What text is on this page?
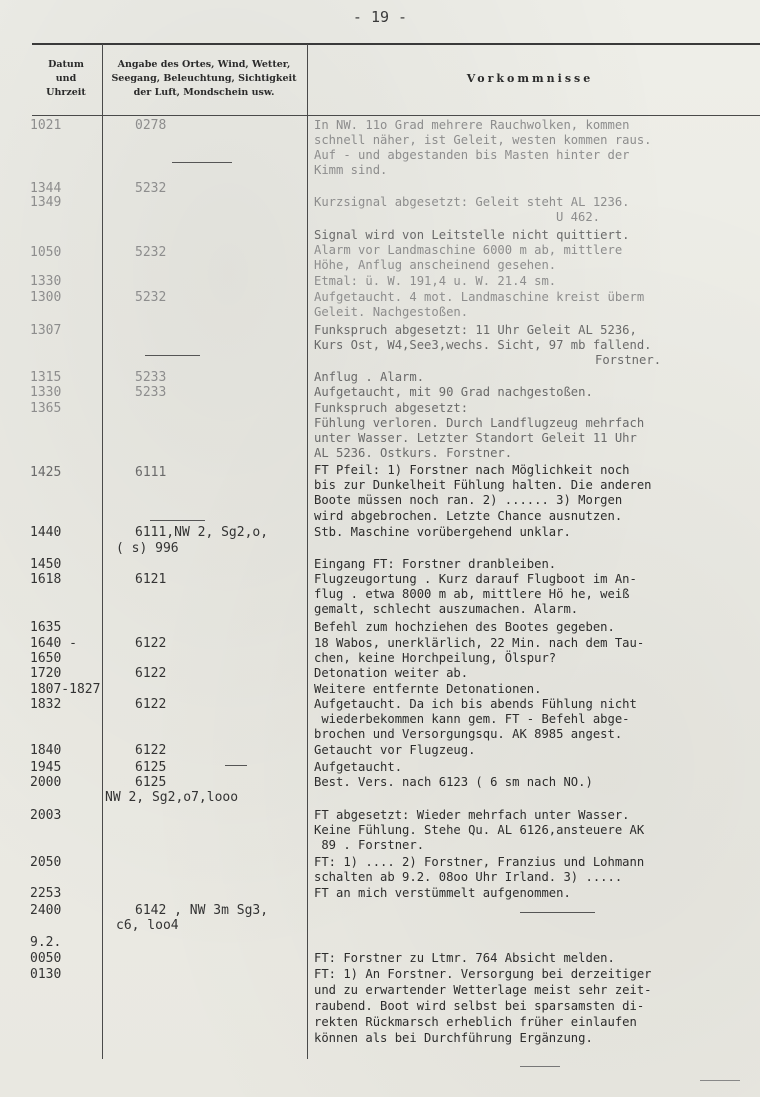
- 19 -
Datum
und
Uhrzeit
Angabe des Ortes, Wind, Wetter,
Seegang, Beleuchtung, Sichtigkeit
der Luft, Mondschein usw.
Vorkommnisse
1021
1344
1349
1050
1330
1300
1307
1315
1330
1365
1425
1440
1450
1618
1635
1640 -
1650
1720
1807-1827
1832
1840
1945
2000
2003
2050
2253
2400
9.2.
0050
0130
0278
5232
5232
5232
5233
5233
6111
6111,NW 2, Sg2,o,
( s) 996
6121
6122
6122
6122
6122
6125
6125
NW 2, Sg2,o7,looo
6142 , NW 3m Sg3,
c6, loo4
In NW. 11o Grad mehrere Rauchwolken, kommen
schnell näher, ist Geleit, westen kommen raus.
Auf - und abgestanden bis Masten hinter der
Kimm sind.
Kurzsignal abgesetzt: Geleit steht AL 1236.
U 462.
Signal wird von Leitstelle nicht quittiert.
Alarm vor Landmaschine 6000 m ab, mittlere
Höhe, Anflug anscheinend gesehen.
Etmal: ü. W. 191,4 u. W. 21.4 sm.
Aufgetaucht. 4 mot. Landmaschine kreist überm
Geleit. Nachgestoßen.
Funkspruch abgesetzt: 11 Uhr Geleit AL 5236,
Kurs Ost, W4,See3,wechs. Sicht, 97 mb fallend.
Forstner.
Anflug . Alarm.
Aufgetaucht, mit 90 Grad nachgestoßen.
Funkspruch abgesetzt:
Fühlung verloren. Durch Landflugzeug mehrfach
unter Wasser. Letzter Standort Geleit 11 Uhr
AL 5236. Ostkurs. Forstner.
FT Pfeil: 1) Forstner nach Möglichkeit noch
bis zur Dunkelheit Fühlung halten. Die anderen
Boote müssen noch ran. 2) ...... 3) Morgen
wird abgebrochen. Letzte Chance ausnutzen.
Stb. Maschine vorübergehend unklar.
Eingang FT: Forstner dranbleiben.
Flugzeugortung . Kurz darauf Flugboot im An-
flug . etwa 8000 m ab, mittlere Hö he, weiß
gemalt, schlecht auszumachen. Alarm.
Befehl zum hochziehen des Bootes gegeben.
18 Wabos, unerklärlich, 22 Min. nach dem Tau-
chen, keine Horchpeilung, Ölspur?
Detonation weiter ab.
Weitere entfernte Detonationen.
Aufgetaucht. Da ich bis abends Fühlung nicht
wiederbekommen kann gem. FT - Befehl abge-
brochen und Versorgungsqu. AK 8985 angest.
Getaucht vor Flugzeug.
Aufgetaucht.
Best. Vers. nach 6123 ( 6 sm nach NO.)
FT abgesetzt: Wieder mehrfach unter Wasser.
Keine Fühlung. Stehe Qu. AL 6126,ansteuere AK
89 . Forstner.
FT: 1) .... 2) Forstner, Franzius und Lohmann
schalten ab 9.2. 08oo Uhr Irland. 3) .....
FT an mich verstümmelt aufgenommen.
FT: Forstner zu Ltmr. 764 Absicht melden.
FT: 1) An Forstner. Versorgung bei derzeitiger
und zu erwartender Wetterlage meist sehr zeit-
raubend. Boot wird selbst bei sparsamsten di-
rekten Rückmarsch erheblich früher einlaufen
können als bei Durchführung Ergänzung.
